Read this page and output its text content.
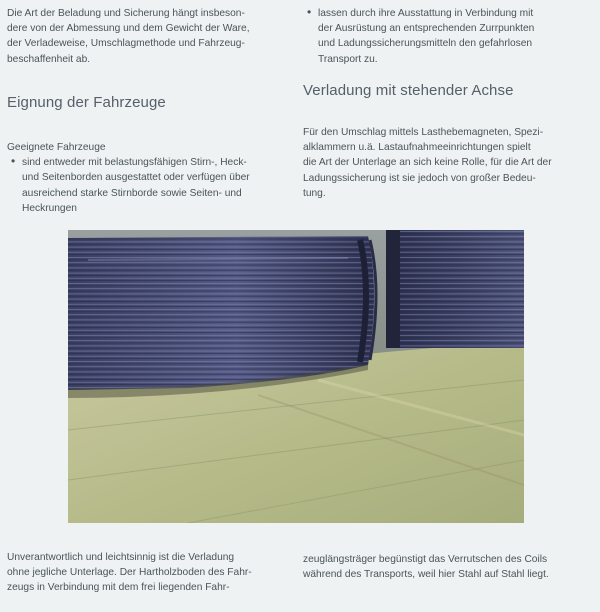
Die Art der Beladung und Sicherung hängt insbeson-

dere von der Abmessung und dem Gewicht der Ware,

der Verladeweise, Umschlagmethode und Fahrzeug-

beschaffenheit ab.

• lassen durch ihre Ausstattung in Verbindung mit

der Ausrüstung an entsprechenden Zurrpunkten

und Ladungssicherungsmitteln den gefahrlosen

Transport zu.

Eignung der Fahrzeuge
Verladung mit stehender Achse

Geeignete Fahrzeuge

• sind entweder mit belastungsfähigen Stirn-, Heck-

und Seitenborden ausgestattet oder verfügen über

ausreichend starke Stirnborde sowie Seiten- und

Heckrungen

Für den Umschlag mittels Lasthebemagneten, Spezi-

alklammern u.ä. Lastaufnahmeeinrichtungen spielt

die Art der Unterlage an sich keine Rolle, für die Art der

Ladungssicherung ist sie jedoch von großer Bedeu-

tung.

Unverantwortlich und leichtsinnig ist die Verladung

ohne jegliche Unterlage. Der Hartholzboden des Fahr-

zeugs in Verbindung mit dem frei liegenden Fahr-

zeuglängsträger begünstigt das Verrutschen des Coils

während des Transports, weil hier Stahl auf Stahl liegt.
